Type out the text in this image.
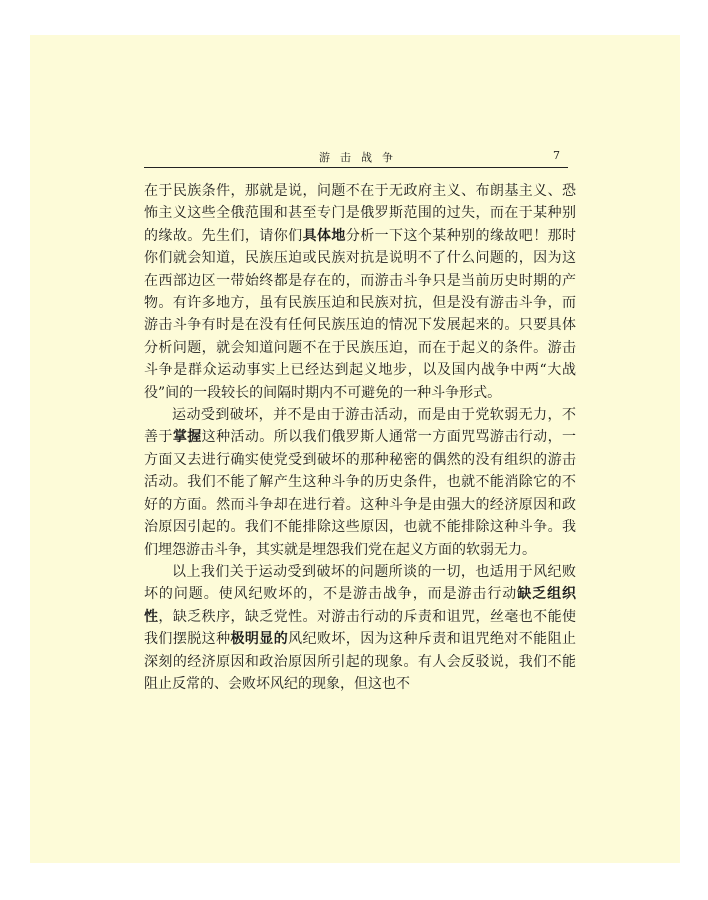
游击战争	7

在于民族条件，那就是说，问题不在于无政府主义、布朗基主义、恐怖主义这些全俄范围和甚至专门是俄罗斯范围的过失，而在于某种别的缘故。先生们，请你们具体地分析一下这个某种别的缘故吧！那时你们就会知道，民族压迫或民族对抗是说明不了什么问题的，因为这在西部边区一带始终都是存在的，而游击斗争只是当前历史时期的产物。有许多地方，虽有民族压迫和民族对抗，但是没有游击斗争，而游击斗争有时是在没有任何民族压迫的情况下发展起来的。只要具体分析问题，就会知道问题不在于民族压迫，而在于起义的条件。游击斗争是群众运动事实上已经达到起义地步，以及国内战争中两“大战役”间的一段较长的间隔时期内不可避免的一种斗争形式。

运动受到破坏，并不是由于游击活动，而是由于党软弱无力，不善于掌握这种活动。所以我们俄罗斯人通常一方面咒骂游击行动，一方面又去进行确实使党受到破坏的那种秘密的偶然的没有组织的游击活动。我们不能了解产生这种斗争的历史条件，也就不能消除它的不好的方面。然而斗争却在进行着。这种斗争是由强大的经济原因和政治原因引起的。我们不能排除这些原因，也就不能排除这种斗争。我们埋怨游击斗争，其实就是埋怨我们党在起义方面的软弱无力。

以上我们关于运动受到破坏的问题所谈的一切，也适用于风纪败坏的问题。使风纪败坏的，不是游击战争，而是游击行动缺乏组织性，缺乏秩序，缺乏党性。对游击行动的斥责和诅咒，丝毫也不能使我们摆脱这种极明显的风纪败坏，因为这种斥责和诅咒绝对不能阻止深刻的经济原因和政治原因所引起的现象。有人会反驳说，我们不能阻止反常的、会败坏风纪的现象，但这也不
